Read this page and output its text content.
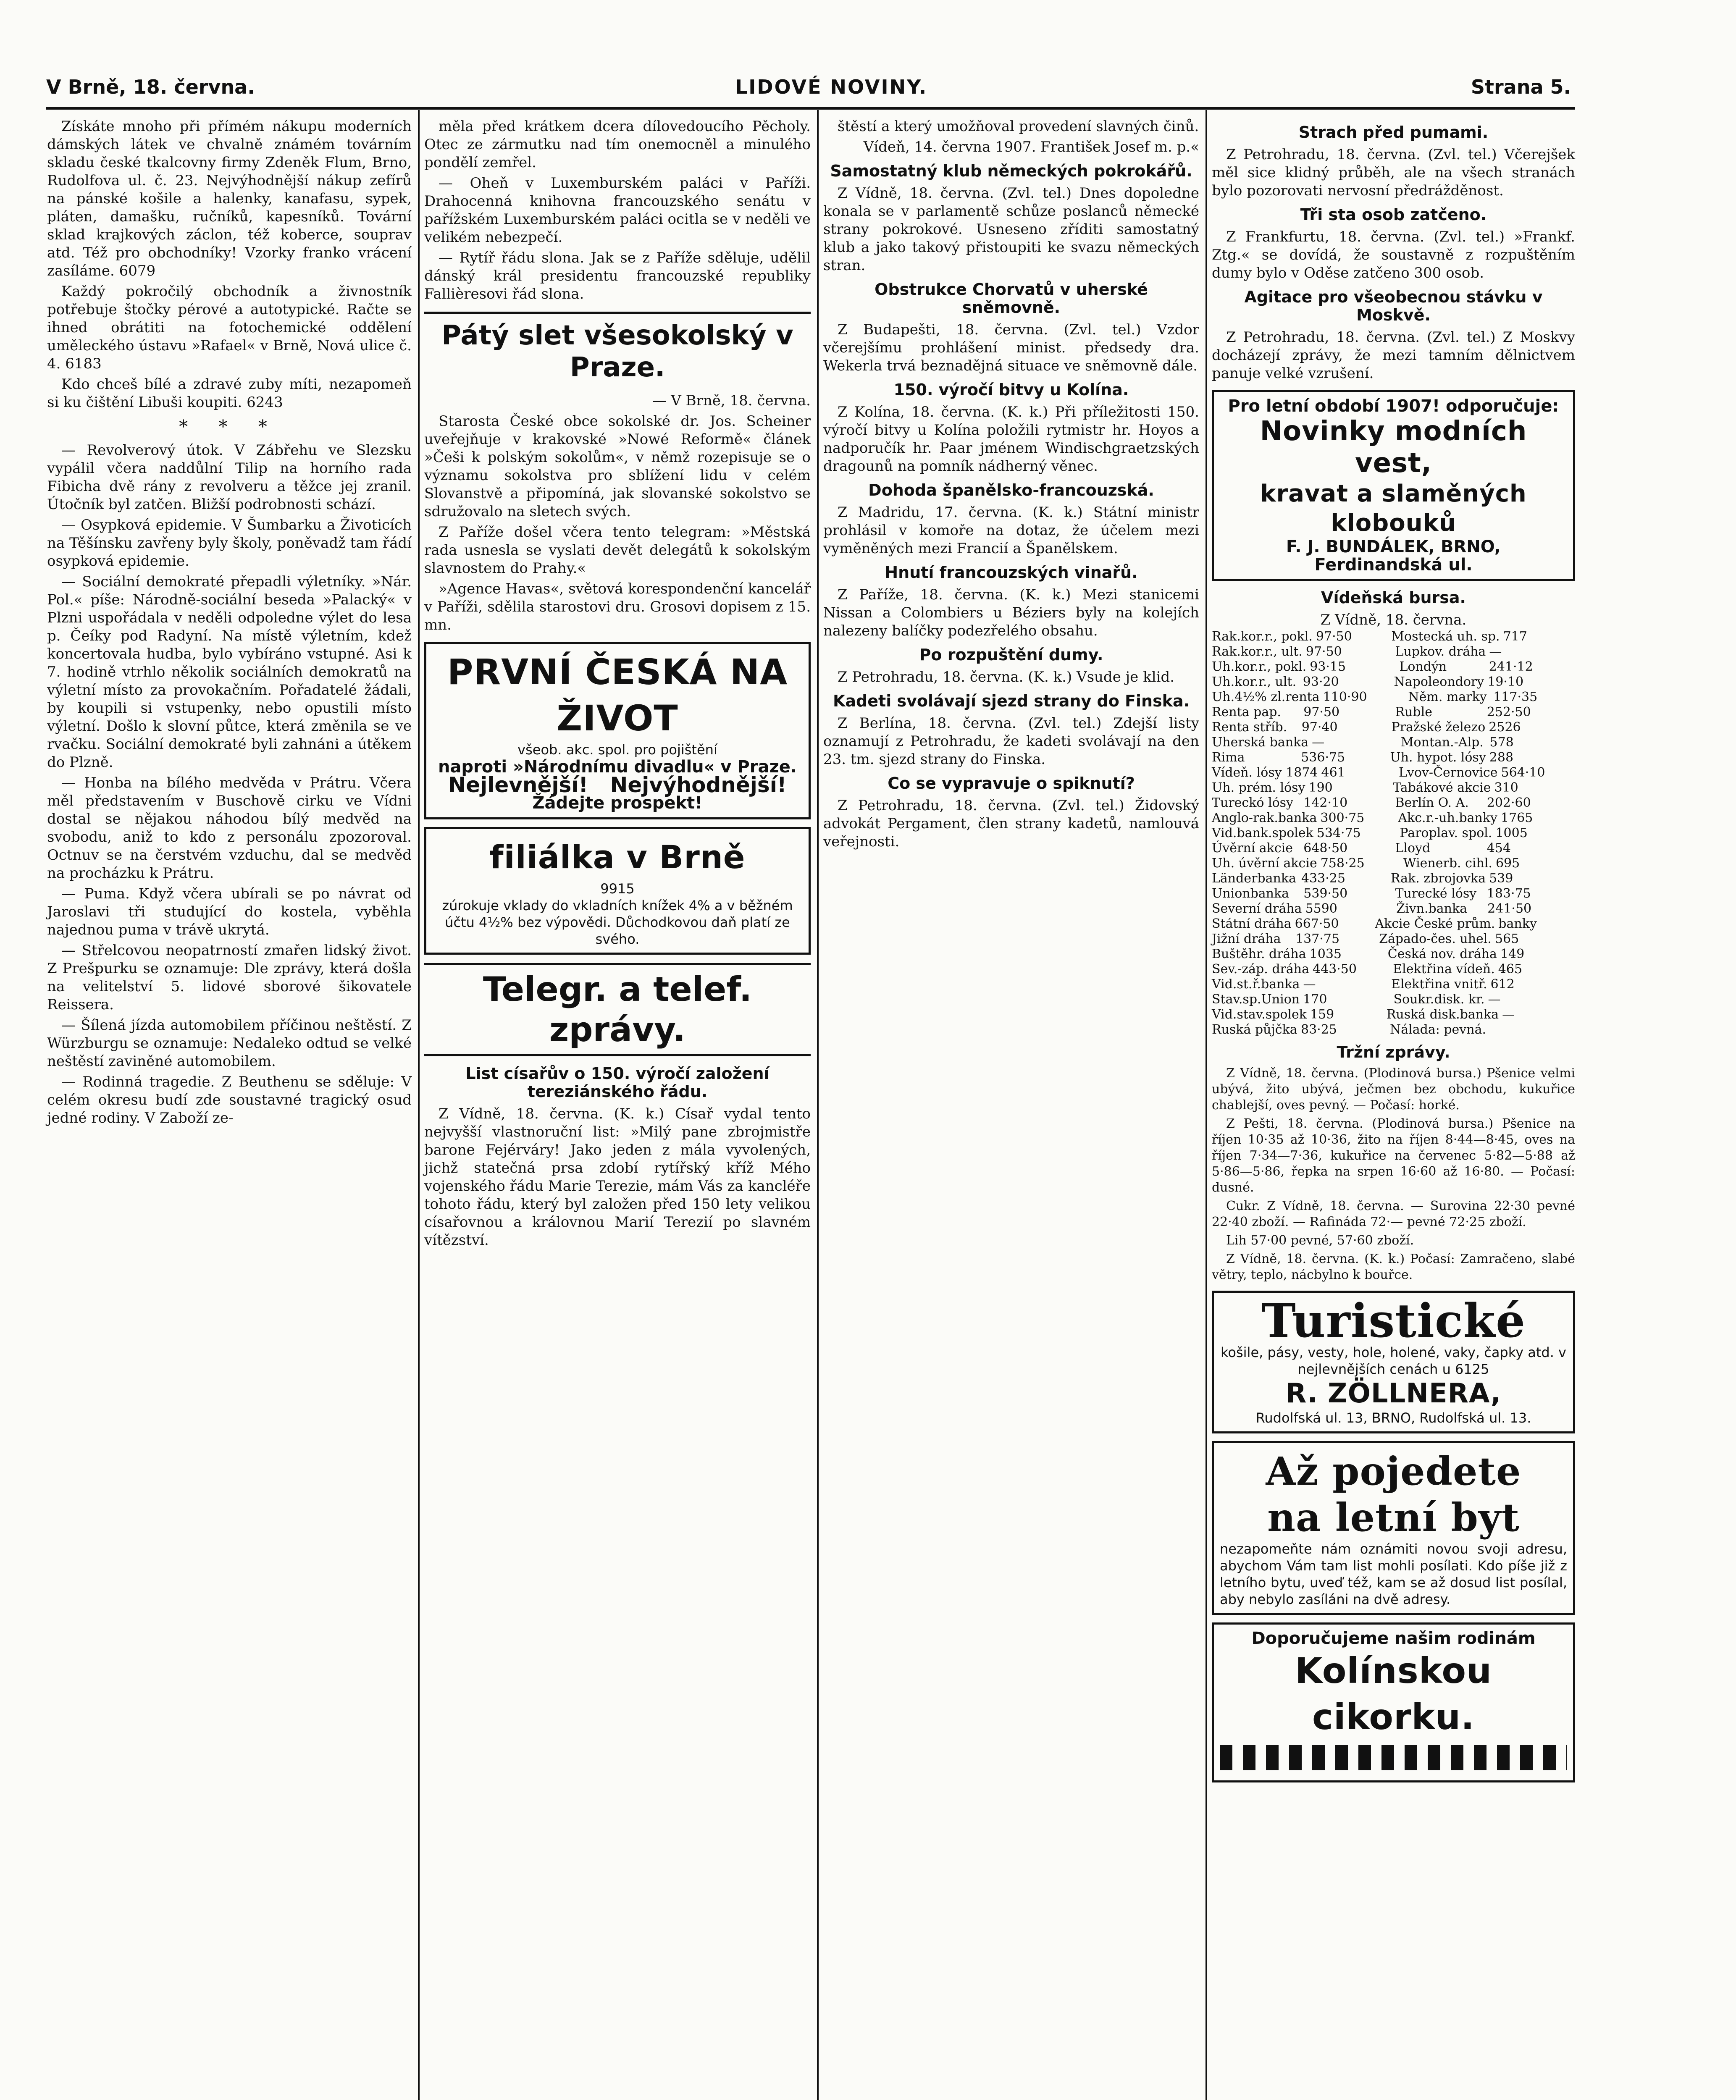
V Brně, 18. června.	LIDOVÉ NOVINY.	Strana 5.

Získáte mnoho při přímém nákupu moderních dámských látek ve chvalně známém továrním skladu české tkalcovny firmy Zdeněk Flum, Brno, Rudolfova ul. č. 23. Nejvýhodnější nákup zefírů na pánské košile a halenky, kanafasu, sypek, pláten, damašku, ručníků, kapesníků. Tovární sklad krajkových záclon, též koberce, souprav atd. Též pro obchodníky! Vzorky franko vrácení zasíláme. 6079

Každý pokročilý obchodník a živnostník potřebuje štočky pérové a autotypické. Račte se ihned obrátiti na fotochemické oddělení uměleckého ústavu »Rafael« v Brně, Nová ulice č. 4. 6183

Kdo chceš bílé a zdravé zuby míti, nezapomeň si ku čištění Libuši koupiti. 6243

* * *

— Revolverový útok. V Zábřehu ve Slezsku vypálil včera naddůlní Tilip na horního rada Fibicha dvě rány z revolveru a těžce jej zranil. Útočník byl zatčen. Bližší podrobnosti schází.

— Osypková epidemie. V Šumbarku a Životicích na Těšínsku zavřeny byly školy, poněvadž tam řádí osypková epidemie.

— Sociální demokraté přepadli výletníky. »Nár. Pol.« píše: Národně-sociální beseda »Palacký« v Plzni uspořádala v neděli odpoledne výlet do lesa p. Čeíky pod Radyní. Na místě výletním, kdež koncertovala hudba, bylo vybíráno vstupné. Asi k 7. hodině vtrhlo několik sociálních demokratů na výletní místo za provokačním. Pořadatelé žádali, by koupili si vstupenky, nebo opustili místo výletní. Došlo k slovní půtce, která změnila se ve rvačku. Sociální demokraté byli zahnáni a útěkem do Plzně.

— Honba na bílého medvěda v Prátru. Včera měl představením v Buschově cirku ve Vídni dostal se nějakou náhodou bílý medvěd na svobodu, aniž to kdo z personálu zpozoroval. Octnuv se na čerstvém vzduchu, dal se medvěd na procházku k Prátru.

— Puma. Když včera ubírali se po návrat od Jaroslavi tři studující do kostela, vyběhla najednou puma v trávě ukrytá.

— Střelcovou neopatrností zmařen lidský život. Z Prešpurku se oznamuje: Dle zprávy, která došla na velitelství 5. lidové sborové šikovatele Reissera.

— Šílená jízda automobilem příčinou neštěstí. Z Würzburgu se oznamuje: Nedaleko odtud se velké neštěstí zaviněné automobilem.

— Rodinná tragedie. Z Beuthenu se sděluje: V celém okresu budí zde soustavné tragický osud jedné rodiny. V Zaboží ze-

měla před krátkem dcera dílovedoucího Pěcholy. Otec ze zármutku nad tím onemocněl a minulého pondělí zemřel.

— Oheň v Luxemburském paláci v Paříži. Drahocenná knihovna francouzského senátu v pařížském Luxemburském paláci ocitla se v neděli ve velikém nebezpečí.

— Rytíř řádu slona. Jak se z Paříže sděluje, udělil dánský král presidentu francouzské republiky Fallièresovi řád slona.

Pátý slet všesokolský v Praze.

— V Brně, 18. června.

Starosta České obce sokolské dr. Jos. Scheiner uveřejňuje v krakovské »Nowé Reformě« článek »Češi k polským sokolům«, v němž rozepisuje se o významu sokolstva pro sblížení lidu v celém Slovanstvě a připomíná, jak slovanské sokolstvo se sdružovalo na sletech svých.

Z Paříže došel včera tento telegram: »Městská rada usnesla se vyslati devět delegátů k sokolským slavnostem do Prahy.«

»Agence Havas«, světová korespondenční kancelář v Paříži, sdělila starostovi dru. Grosovi dopisem z 15. mn.

PRVNÍ ČESKÁ NA ŽIVOT
všeob. akc. spol. pro pojištění
naproti »Národnímu divadlu« v Praze.
Nejlevnější! Nejvýhodnější!
Žádejte prospekt!
filiálka v Brně
9915
zúrokuje vklady do vkladních knížek 4% a v běžném účtu 4½% bez výpovědi. Důchodkovou daň platí ze svého.
Telegr. a telef. zprávy.
List císařův o 150. výročí založení tereziánského řádu.

Z Vídně, 18. června. (K. k.) Císař vydal tento nejvyšší vlastnoruční list: »Milý pane zbrojmistře barone Fejérváry! Jako jeden z mála vyvolených, jichž statečná prsa zdobí rytířský kříž Mého vojenského řádu Marie Terezie, mám Vás za kancléře tohoto řádu, který byl založen před 150 lety velikou císařovnou a královnou Marií Terezií po slavném vítězství.

štěstí a který umožňoval provedení slavných činů.

Vídeň, 14. června 1907. František Josef m. p.«

Samostatný klub německých pokrokářů.

Z Vídně, 18. června. (Zvl. tel.) Dnes dopoledne konala se v parlamentě schůze poslanců německé strany pokrokové. Usneseno zříditi samostatný klub a jako takový přistoupiti ke svazu německých stran.

Obstrukce Chorvatů v uherské sněmovně.

Z Budapešti, 18. června. (Zvl. tel.) Vzdor včerejšímu prohlášení minist. předsedy dra. Wekerla trvá beznadějná situace ve sněmovně dále.

150. výročí bitvy u Kolína.

Z Kolína, 18. června. (K. k.) Při příležitosti 150. výročí bitvy u Kolína položili rytmistr hr. Hoyos a nadporučík hr. Paar jménem Windischgraetzských dragounů na pomník nádherný věnec.

Dohoda španělsko-francouzská.

Z Madridu, 17. června. (K. k.) Státní ministr prohlásil v komoře na dotaz, že účelem mezi vyměněných mezi Francií a Španělskem.

Hnutí francouzských vinařů.

Z Paříže, 18. června. (K. k.) Mezi stanicemi Nissan a Colombiers u Béziers byly na kolejích nalezeny balíčky podezřelého obsahu.

Po rozpuštění dumy.

Z Petrohradu, 18. června. (K. k.) Vsude je klid.

Kadeti svolávají sjezd strany do Finska.

Z Berlína, 18. června. (Zvl. tel.) Zdejší listy oznamují z Petrohradu, že kadeti svolávají na den 23. tm. sjezd strany do Finska.

Co se vypravuje o spiknutí?

Z Petrohradu, 18. června. (Zvl. tel.) Židovský advokát Pergament, člen strany kadetů, namlouvá veřejnosti.

Strach před pumami.

Z Petrohradu, 18. června. (Zvl. tel.) Včerejšek měl sice klidný průběh, ale na všech stranách bylo pozorovati nervosní předrážděnost.

Tři sta osob zatčeno.

Z Frankfurtu, 18. června. (Zvl. tel.) »Frankf. Ztg.« se dovídá, že soustavně z rozpuštěním dumy bylo v Oděse zatčeno 300 osob.

Agitace pro všeobecnou stávku v Moskvě.

Z Petrohradu, 18. června. (Zvl. tel.) Z Moskvy docházejí zprávy, že mezi tamním dělnictvem panuje velké vzrušení.

Pro letní období 1907! odporučuje:
Novinky modních vest,
kravat a slaměných klobouků
F. J. BUNDÁLEK, BRNO, Ferdinandská ul.
Vídeňská bursa.
Z Vídně, 18. června.
Rak.kor.r., pokl. 97·50	Mostecká uh. sp. 717
Rak.kor.r., ult. 97·50	Lupkov. dráha —
Uh.kor.r., pokl. 93·15	Londýn	241·12
Uh.kor.r., ult. 93·20	Napoleondory 19·10
Uh.4½% zl.renta 110·90	Něm. marky 117·35
Renta pap.	97·50	Ruble	252·50
Renta stříb.	97·40	Pražské železo 2526
Uherská banka —	Montan.-Alp. 578
Rima	536·75	Uh. hypot. lósy 288
Vídeň. lósy 1874 461	Lvov-Černovice 564·10
Uh. prém. lósy 190	Tabákové akcie 310
Tureckó lósy 142·10	Berlín O. A.	202·60
Anglo-rak.banka 300·75	Akc.r.-uh.banky 1765
Vid.bank.spolek 534·75	Paroplav. spol. 1005
Úvěrní akcie 648·50	Lloyd	454
Uh. úvěrní akcie 758·25	Wienerb. cihl. 695
Länderbanka 433·25	Rak. zbrojovka 539
Unionbanka	539·50	Turecké lósy 183·75
Severní dráha 5590	Živn.banka	241·50
Státní dráha 667·50	Akcie České prům. banky
Jižní dráha	137·75	Západo-čes. uhel. 565
Buštěhr. dráha 1035	Česká nov. dráha 149
Sev.-záp. dráha 443·50	Elektřina vídeň. 465
Vid.st.ř.banka —	Elektřina vnitř. 612
Stav.sp.Union 170	Soukr.disk. kr. —
Vid.stav.spolek 159	Ruská disk.banka —
Ruská půjčka 83·25	Nálada: pevná.
Tržní zprávy.

Z Vídně, 18. června. (Plodinová bursa.) Pšenice velmi ubývá, žito ubývá, ječmen bez obchodu, kukuřice chablejší, oves pevný. — Počasí: horké.

Z Pešti, 18. června. (Plodinová bursa.) Pšenice na říjen 10·35 až 10·36, žito na říjen 8·44—8·45, oves na říjen 7·34—7·36, kukuřice na červenec 5·82—5·88 až 5·86—5·86, řepka na srpen 16·60 až 16·80. — Počasí: dusné.

Cukr. Z Vídně, 18. června. — Surovina 22·30 pevné 22·40 zboží. — Rafináda 72·— pevné 72·25 zboží.

Lih 57·00 pevné, 57·60 zboží.

Z Vídně, 18. června. (K. k.) Počasí: Zamračeno, slabé větry, teplo, nácbylno k bouřce.

Turistické
košile, pásy, vesty, hole, holené, vaky, čapky atd. v nejlevnějších cenách u 6125
R. ZÖLLNERA,
Rudolfská ul. 13, BRNO, Rudolfská ul. 13.
Až pojedete
na letní byt
nezapomeňte nám oznámiti novou svoji adresu, abychom Vám tam list mohli posílati. Kdo píše již z letního bytu, uveď též, kam se až dosud list posílal, aby nebylo zasíláni na dvě adresy.
Doporučujeme našim rodinám
Kolínskou cikorku.
